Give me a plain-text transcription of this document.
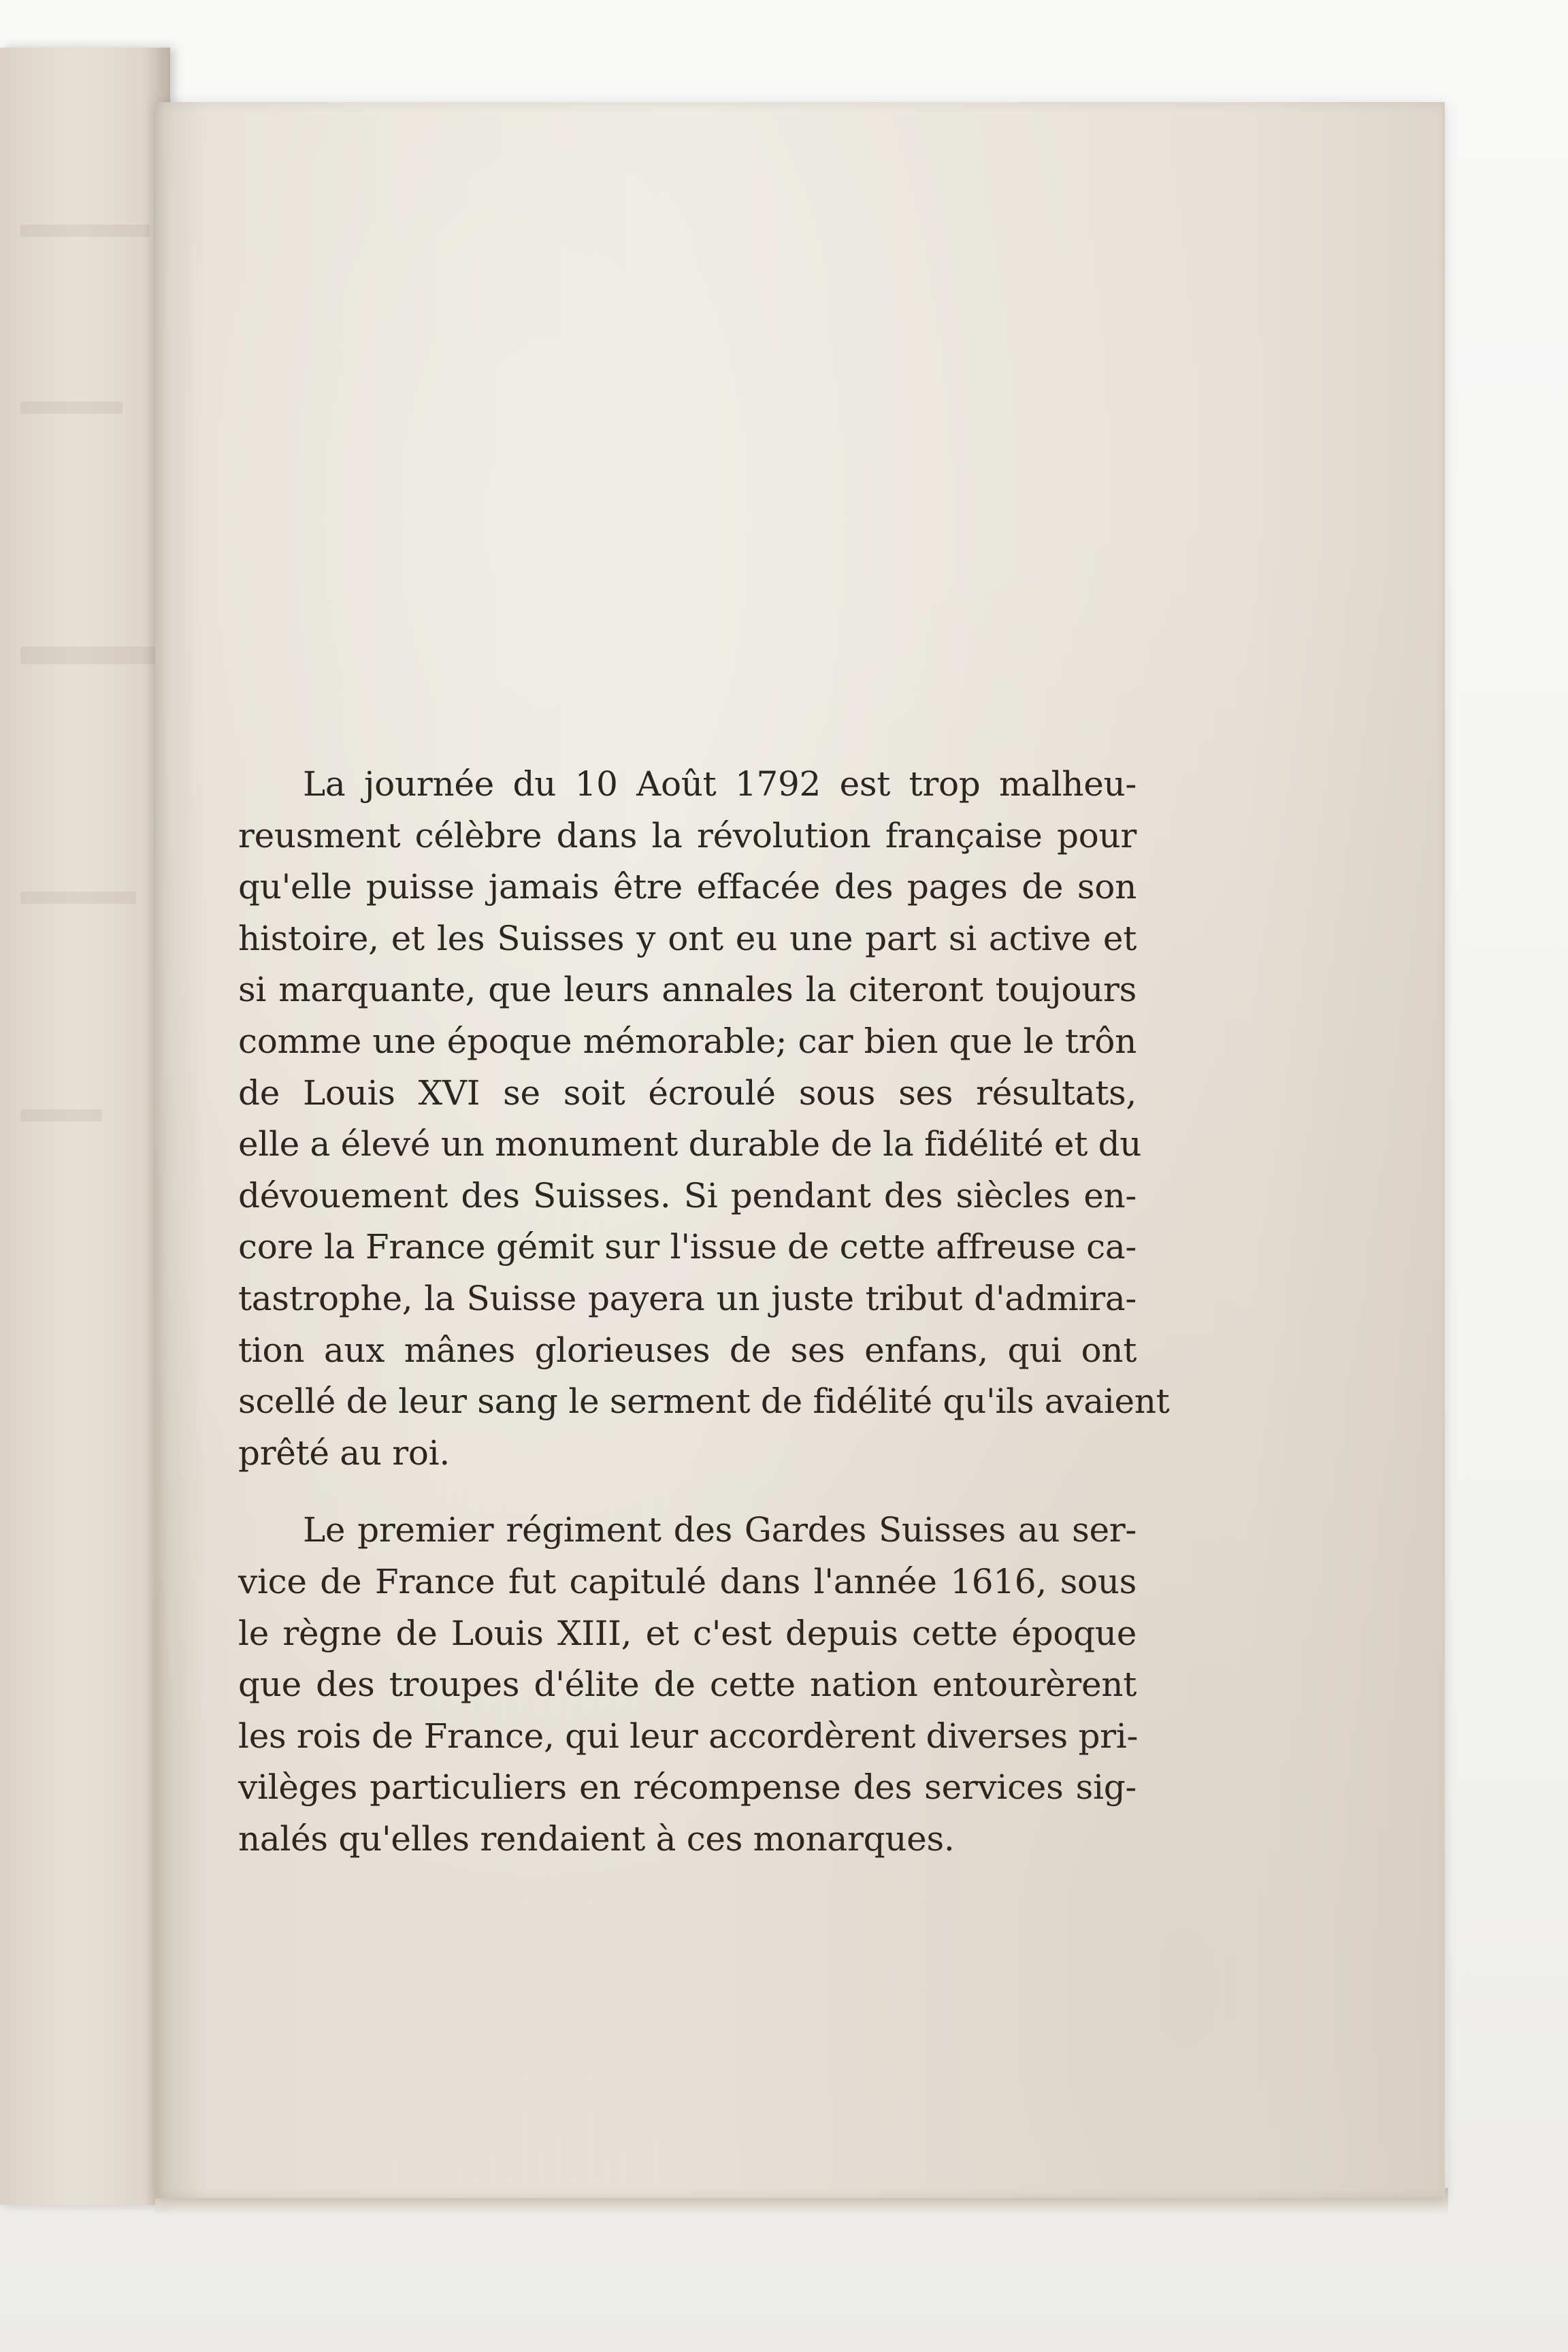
La journée du 10 Août 1792 est trop malheu-
reusment célèbre dans la révolution française pour
qu'elle puisse jamais être effacée des pages de son
histoire, et les Suisses y ont eu une part si active et
si marquante, que leurs annales la citeront toujours
comme une époque mémorable; car bien que le trôn
de Louis XVI se soit écroulé sous ses résultats,
elle a élevé un monument durable de la fidélité et du
dévouement des Suisses. Si pendant des siècles en-
core la France gémit sur l'issue de cette affreuse ca-
tastrophe, la Suisse payera un juste tribut d'admira-
tion aux mânes glorieuses de ses enfans, qui ont
scellé de leur sang le serment de fidélité qu'ils avaient
prêté au roi.
Le premier régiment des Gardes Suisses au ser-
vice de France fut capitulé dans l'année 1616, sous
le règne de Louis XIII, et c'est depuis cette époque
que des troupes d'élite de cette nation entourèrent
les rois de France, qui leur accordèrent diverses pri-
vilèges particuliers en récompense des services sig-
nalés qu'elles rendaient à ces monarques.
